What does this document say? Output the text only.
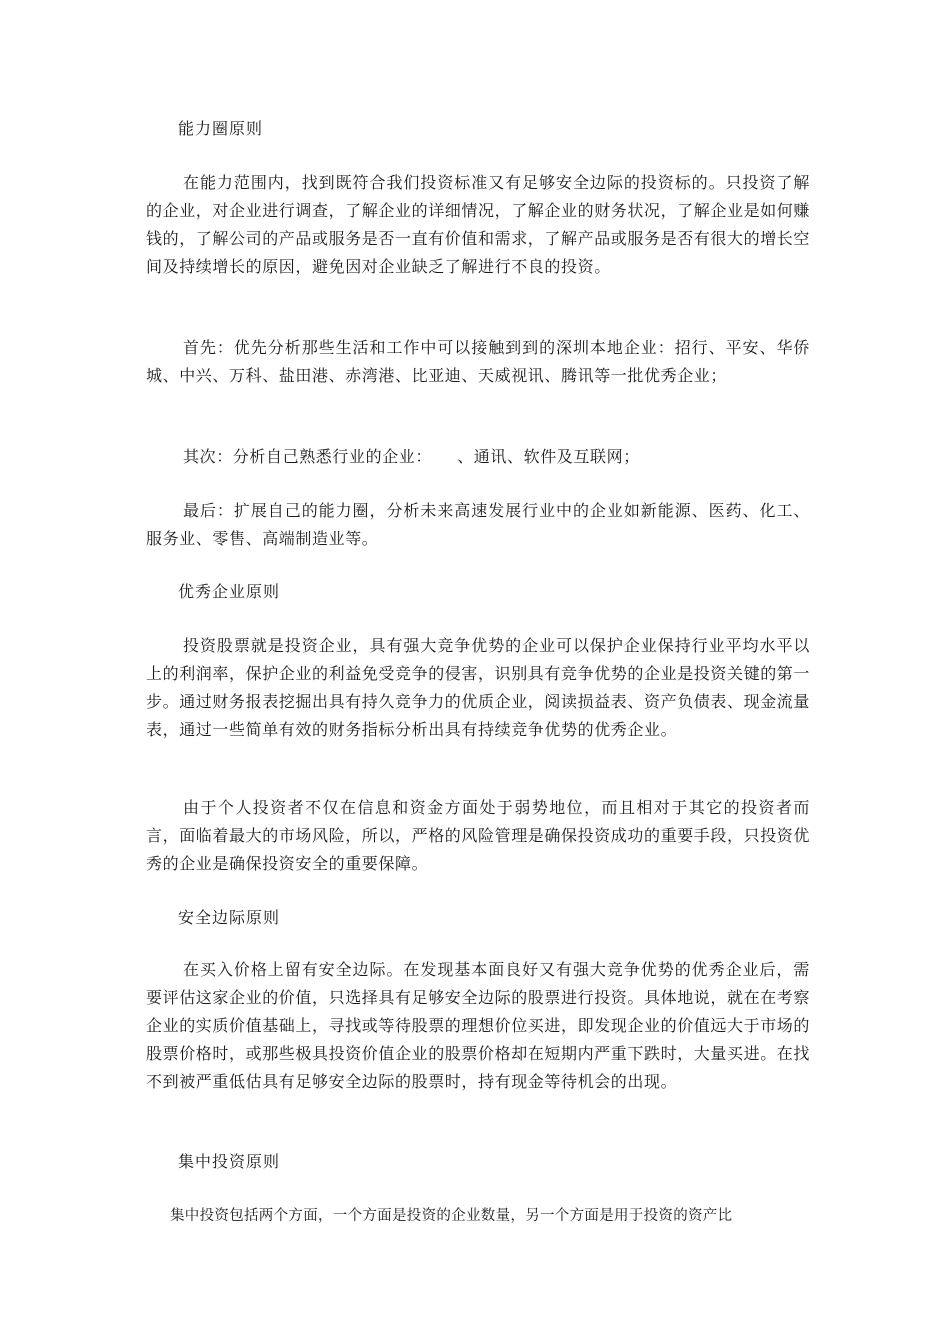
能力圈原则
在能力范围内，找到既符合我们投资标准又有足够安全边际的投资标的。只投资了解的企业，对企业进行调查，了解企业的详细情况，了解企业的财务状况，了解企业是如何赚钱的，了解公司的产品或服务是否一直有价值和需求，了解产品或服务是否有很大的增长空间及持续增长的原因，避免因对企业缺乏了解进行不良的投资。
首先：优先分析那些生活和工作中可以接触到到的深圳本地企业：招行、平安、华侨城、中兴、万科、盐田港、赤湾港、比亚迪、天威视讯、腾讯等一批优秀企业；
其次：分析自己熟悉行业的企业：　　、通讯、软件及互联网；
最后：扩展自己的能力圈，分析未来高速发展行业中的企业如新能源、医药、化工、服务业、零售、高端制造业等。
优秀企业原则
投资股票就是投资企业，具有强大竞争优势的企业可以保护企业保持行业平均水平以上的利润率，保护企业的利益免受竞争的侵害，识别具有竞争优势的企业是投资关键的第一步。通过财务报表挖掘出具有持久竞争力的优质企业，阅读损益表、资产负债表、现金流量表，通过一些简单有效的财务指标分析出具有持续竞争优势的优秀企业。
由于个人投资者不仅在信息和资金方面处于弱势地位，而且相对于其它的投资者而言，面临着最大的市场风险，所以，严格的风险管理是确保投资成功的重要手段，只投资优秀的企业是确保投资安全的重要保障。
安全边际原则
在买入价格上留有安全边际。在发现基本面良好又有强大竞争优势的优秀企业后，需要评估这家企业的价值，只选择具有足够安全边际的股票进行投资。具体地说，就在在考察企业的实质价值基础上，寻找或等待股票的理想价位买进，即发现企业的价值远大于市场的股票价格时，或那些极具投资价值企业的股票价格却在短期内严重下跌时，大量买进。在找不到被严重低估具有足够安全边际的股票时，持有现金等待机会的出现。
集中投资原则
集中投资包括两个方面，一个方面是投资的企业数量，另一个方面是用于投资的资产比
